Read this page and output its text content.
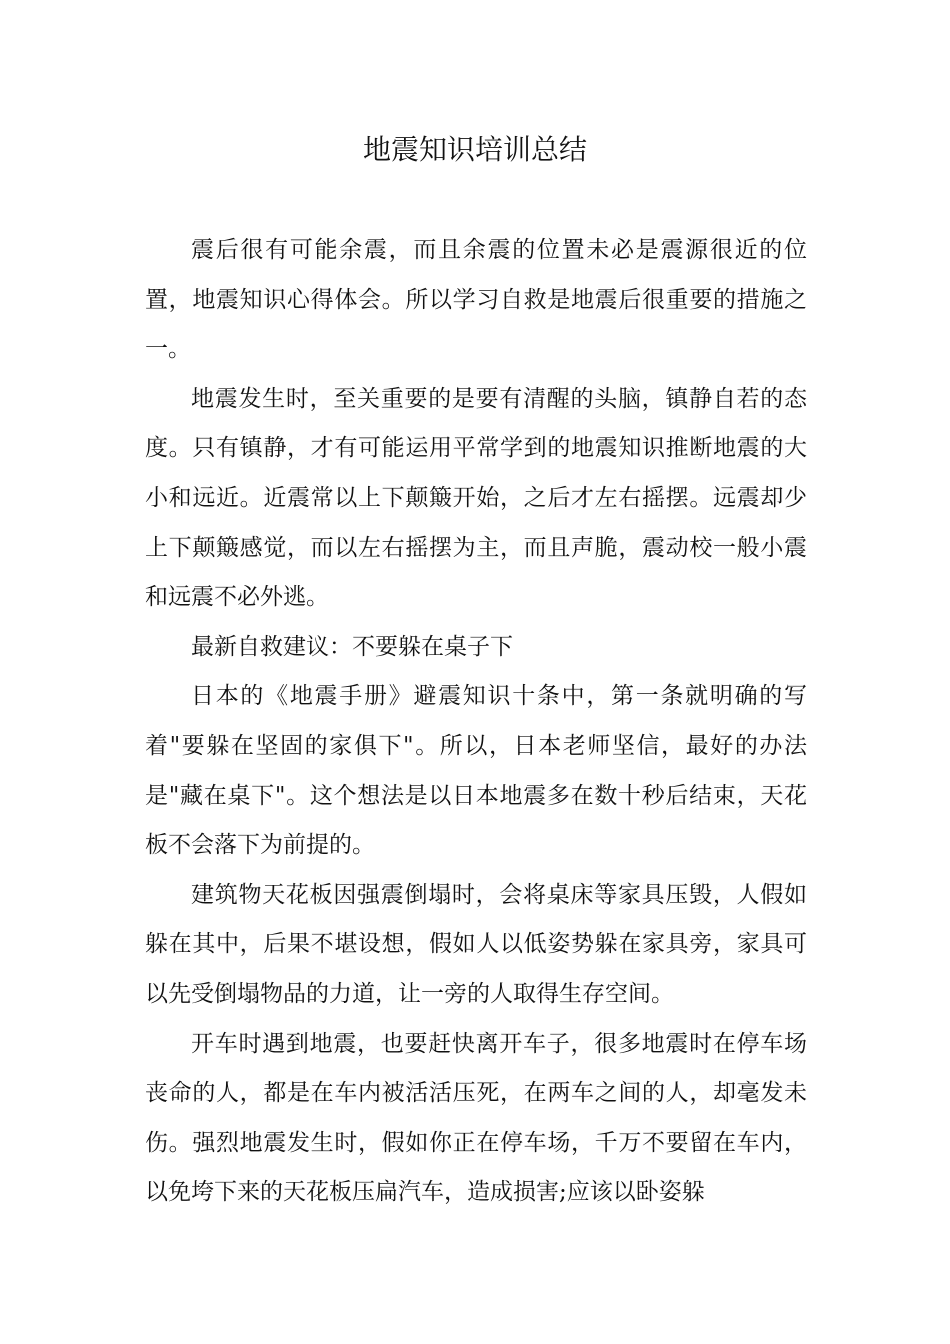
地震知识培训总结

震后很有可能余震，而且余震的位置未必是震源很近的位置，地震知识心得体会。所以学习自救是地震后很重要的措施之一。

地震发生时，至关重要的是要有清醒的头脑，镇静自若的态度。只有镇静，才有可能运用平常学到的地震知识推断地震的大小和远近。近震常以上下颠簸开始，之后才左右摇摆。远震却少上下颠簸感觉，而以左右摇摆为主，而且声脆，震动校一般小震和远震不必外逃。

最新自救建议：不要躲在桌子下

日本的《地震手册》避震知识十条中，第一条就明确的写着"要躲在坚固的家俱下"。所以，日本老师坚信，最好的办法是"藏在桌下"。这个想法是以日本地震多在数十秒后结束，天花板不会落下为前提的。

建筑物天花板因强震倒塌时，会将桌床等家具压毁，人假如躲在其中，后果不堪设想，假如人以低姿势躲在家具旁，家具可以先受倒塌物品的力道，让一旁的人取得生存空间。

开车时遇到地震，也要赶快离开车子，很多地震时在停车场丧命的人，都是在车内被活活压死，在两车之间的人，却毫发未伤。强烈地震发生时，假如你正在停车场，千万不要留在车内，以免垮下来的天花板压扁汽车，造成损害;应该以卧姿躲
